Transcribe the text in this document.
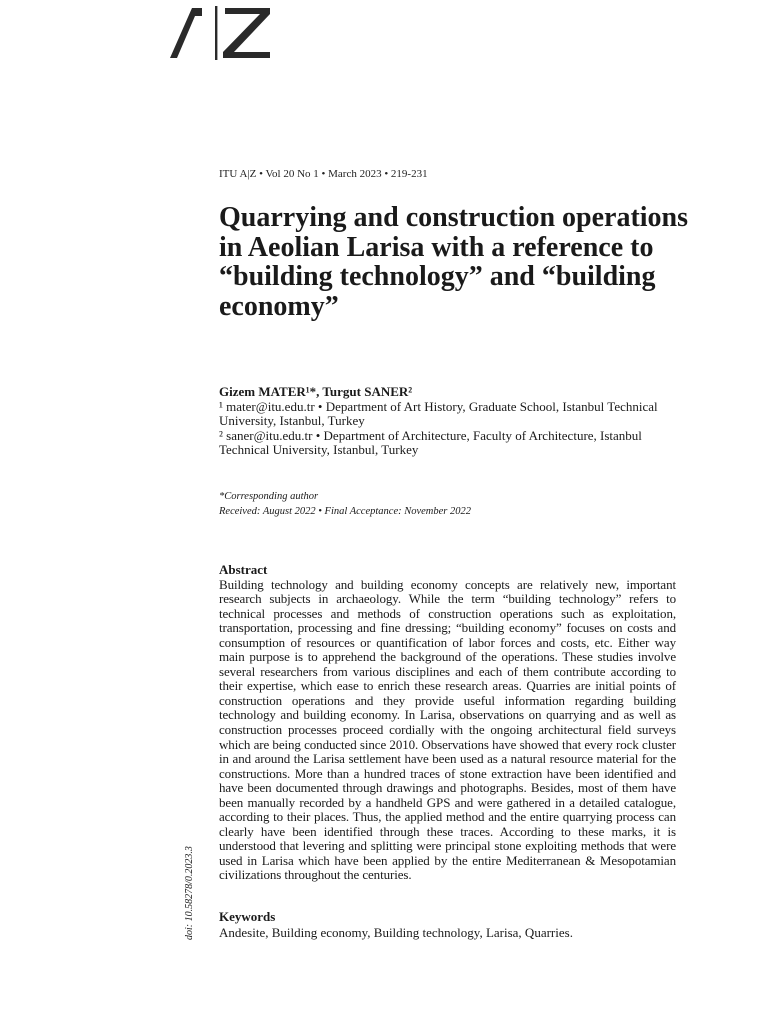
ITU A|Z • Vol 20 No 1 • March 2023 • 219-231
Quarrying and construction operations in Aeolian Larisa with a reference to “building technology” and “building economy”
Gizem MATER¹*, Turgut SANER²
¹ mater@itu.edu.tr • Department of Art History, Graduate School, Istanbul Technical University, Istanbul, Turkey
² saner@itu.edu.tr • Department of Architecture, Faculty of Architecture, Istanbul Technical University, Istanbul, Turkey
*Corresponding author
Received: August 2022 • Final Acceptance: November 2022
Abstract

Building technology and building economy concepts are relatively new, important research subjects in archaeology. While the term “building technology” refers to technical processes and methods of construction operations such as exploitation, transportation, processing and fine dressing; “building economy” focuses on costs and consumption of resources or quantification of labor forces and costs, etc. Either way main purpose is to apprehend the background of the operations. These studies involve several researchers from various disciplines and each of them contribute according to their expertise, which ease to enrich these research areas. Quarries are initial points of construction operations and they provide useful information regarding building technology and building economy. In Larisa, observations on quarrying and as well as construction processes proceed cordially with the ongoing architectural field surveys which are being conducted since 2010. Observations have showed that every rock cluster in and around the Larisa settlement have been used as a natural resource material for the constructions. More than a hundred traces of stone extraction have been identified and have been documented through drawings and photographs. Besides, most of them have been manually recorded by a handheld GPS and were gathered in a detailed catalogue, according to their places. Thus, the applied method and the entire quarrying process can clearly have been identified through these traces. According to these marks, it is understood that levering and splitting were principal stone exploiting methods that were used in Larisa which have been applied by the entire Mediterranean & Mesopotamian civilizations throughout the centuries.

Keywords

Andesite, Building economy, Building technology, Larisa, Quarries.

doi: 10.58278/0.2023.3
